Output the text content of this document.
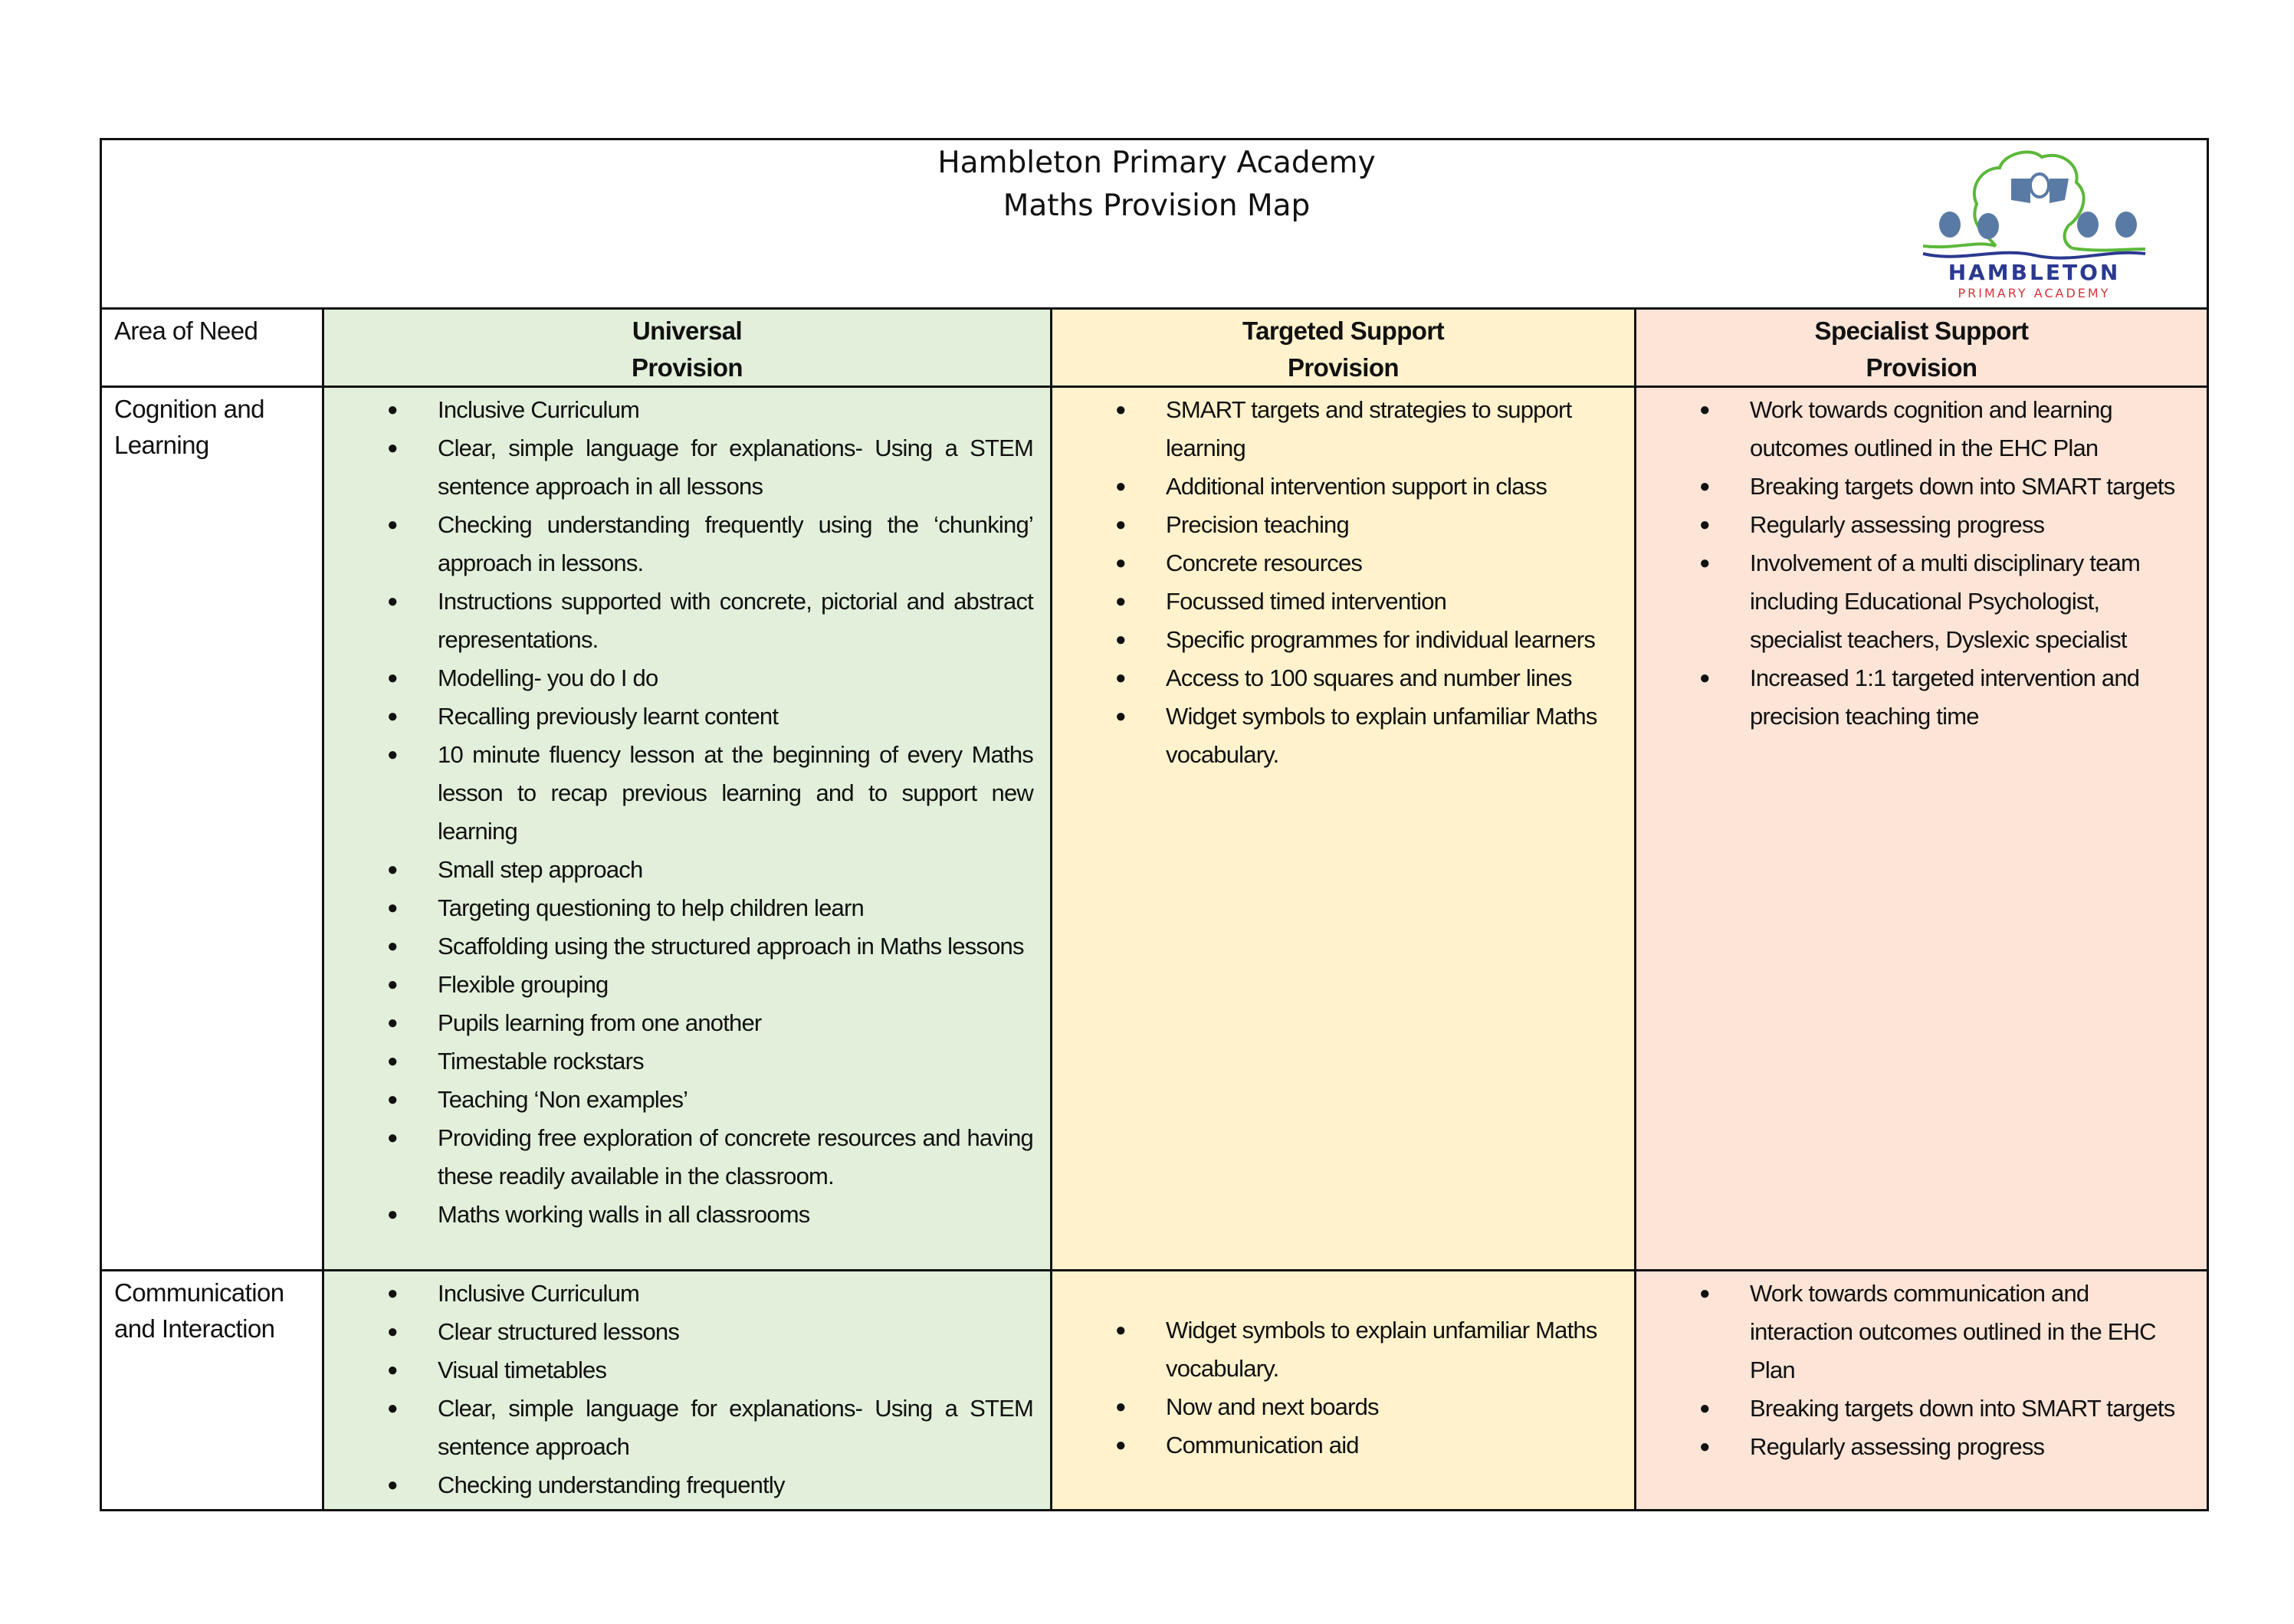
Hambleton Primary Academy
Maths Provision Map
HAMBLETON
PRIMARY ACADEMY
Area of Need	Universal
Provision
Targeted Support
Provision
Specialist Support
Provision
Cognition and Learning
● Inclusive Curriculum
● Clear, simple language for explanations- Using a STEM sentence approach in all lessons
● Checking understanding frequently using the ‘chunking’ approach in lessons.
● Instructions supported with concrete, pictorial and abstract representations.
● Modelling- you do I do
● Recalling previously learnt content
● 10 minute fluency lesson at the beginning of every Maths lesson to recap previous learning and to support new learning
● Small step approach
● Targeting questioning to help children learn
● Scaffolding using the structured approach in Maths lessons
● Flexible grouping
● Pupils learning from one another
● Timestable rockstars
● Teaching ‘Non examples’
● Providing free exploration of concrete resources and having these readily available in the classroom.
● Maths working walls in all classrooms
● SMART targets and strategies to support learning
● Additional intervention support in class
● Precision teaching
● Concrete resources
● Focussed timed intervention
● Specific programmes for individual learners
● Access to 100 squares and number lines
● Widget symbols to explain unfamiliar Maths vocabulary.
● Work towards cognition and learning outcomes outlined in the EHC Plan
● Breaking targets down into SMART targets
● Regularly assessing progress
● Involvement of a multi disciplinary team including Educational Psychologist, specialist teachers, Dyslexic specialist
● Increased 1:1 targeted intervention and precision teaching time
Communication and Interaction
● Inclusive Curriculum
● Clear structured lessons
● Visual timetables
● Clear, simple language for explanations- Using a STEM sentence approach
● Checking understanding frequently
● Widget symbols to explain unfamiliar Maths vocabulary.
● Now and next boards
● Communication aid
● Work towards communication and interaction outcomes outlined in the EHC Plan
● Breaking targets down into SMART targets
● Regularly assessing progress
